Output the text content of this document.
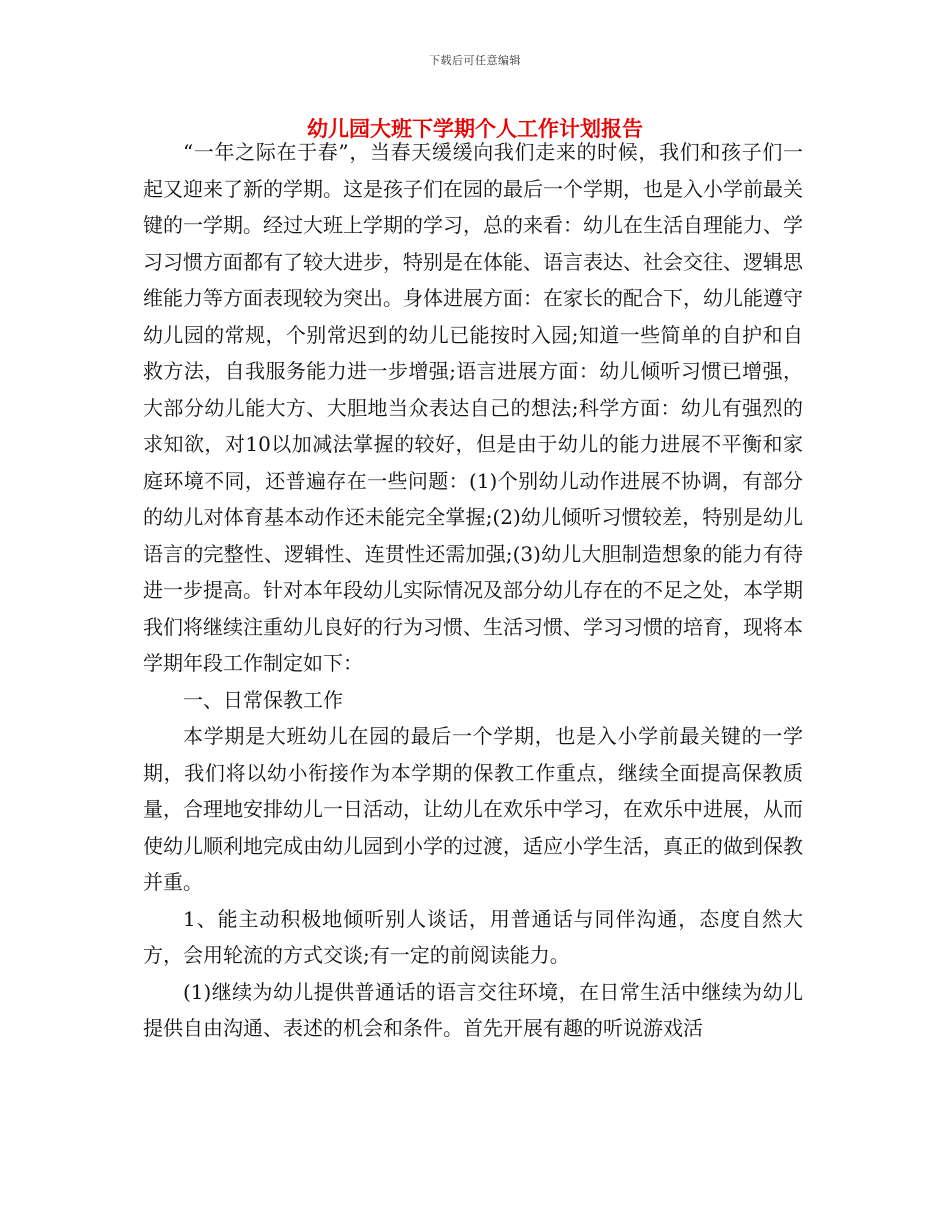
下载后可任意编辑
幼儿园大班下学期个人工作计划报告

“一年之际在于春”，当春天缓缓向我们走来的时候，我们和孩子们一起又迎来了新的学期。这是孩子们在园的最后一个学期，也是入小学前最关键的一学期。经过大班上学期的学习，总的来看：幼儿在生活自理能力、学习习惯方面都有了较大进步，特别是在体能、语言表达、社会交往、逻辑思维能力等方面表现较为突出。身体进展方面：在家长的配合下，幼儿能遵守幼儿园的常规，个别常迟到的幼儿已能按时入园;知道一些简单的自护和自救方法，自我服务能力进一步增强;语言进展方面：幼儿倾听习惯已增强，大部分幼儿能大方、大胆地当众表达自己的想法;科学方面：幼儿有强烈的求知欲，对10以加减法掌握的较好，但是由于幼儿的能力进展不平衡和家庭环境不同，还普遍存在一些问题：(1)个别幼儿动作进展不协调，有部分的幼儿对体育基本动作还未能完全掌握;(2)幼儿倾听习惯较差，特别是幼儿语言的完整性、逻辑性、连贯性还需加强;(3)幼儿大胆制造想象的能力有待进一步提高。针对本年段幼儿实际情况及部分幼儿存在的不足之处，本学期我们将继续注重幼儿良好的行为习惯、生活习惯、学习习惯的培育，现将本学期年段工作制定如下：

一、日常保教工作

本学期是大班幼儿在园的最后一个学期，也是入小学前最关键的一学期，我们将以幼小衔接作为本学期的保教工作重点，继续全面提高保教质量，合理地安排幼儿一日活动，让幼儿在欢乐中学习，在欢乐中进展，从而使幼儿顺利地完成由幼儿园到小学的过渡，适应小学生活，真正的做到保教并重。

1、能主动积极地倾听别人谈话，用普通话与同伴沟通，态度自然大方，会用轮流的方式交谈;有一定的前阅读能力。

(1)继续为幼儿提供普通话的语言交往环境，在日常生活中继续为幼儿提供自由沟通、表述的机会和条件。首先开展有趣的听说游戏活
